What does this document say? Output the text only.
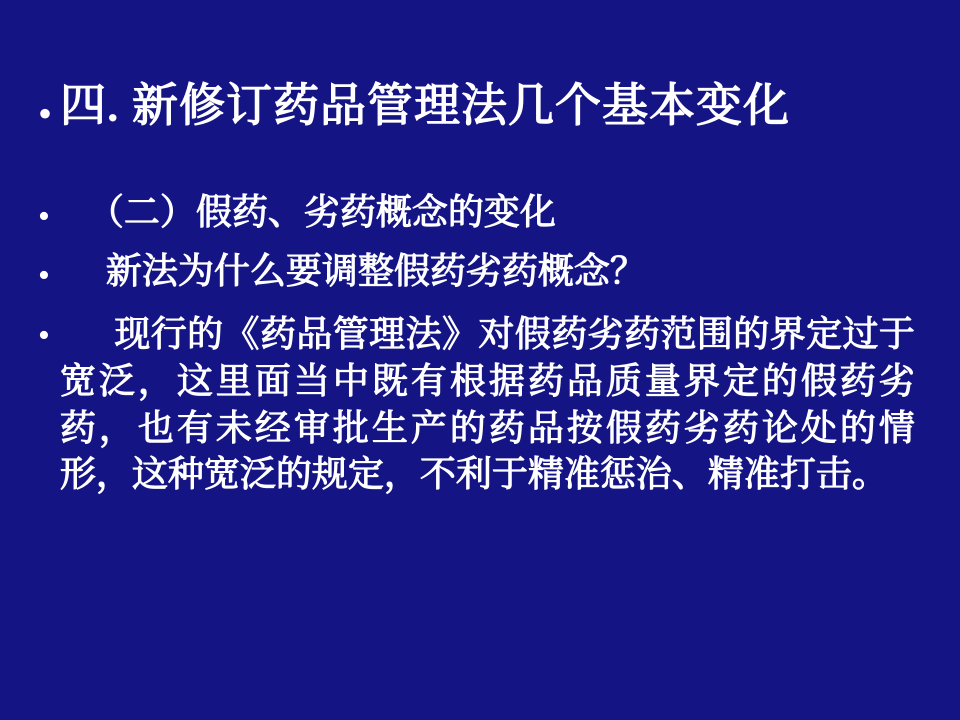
• 四. 新修订药品管理法几个基本变化
•	（二）假药、劣药概念的变化
•	新法为什么要调整假药劣药概念？
•	现行的《药品管理法》对假药劣药范围的界定过于宽泛，这里面当中既有根据药品质量界定的假药劣药，也有未经审批生产的药品按假药劣药论处的情形，这种宽泛的规定，不利于精准惩治、精准打击。
